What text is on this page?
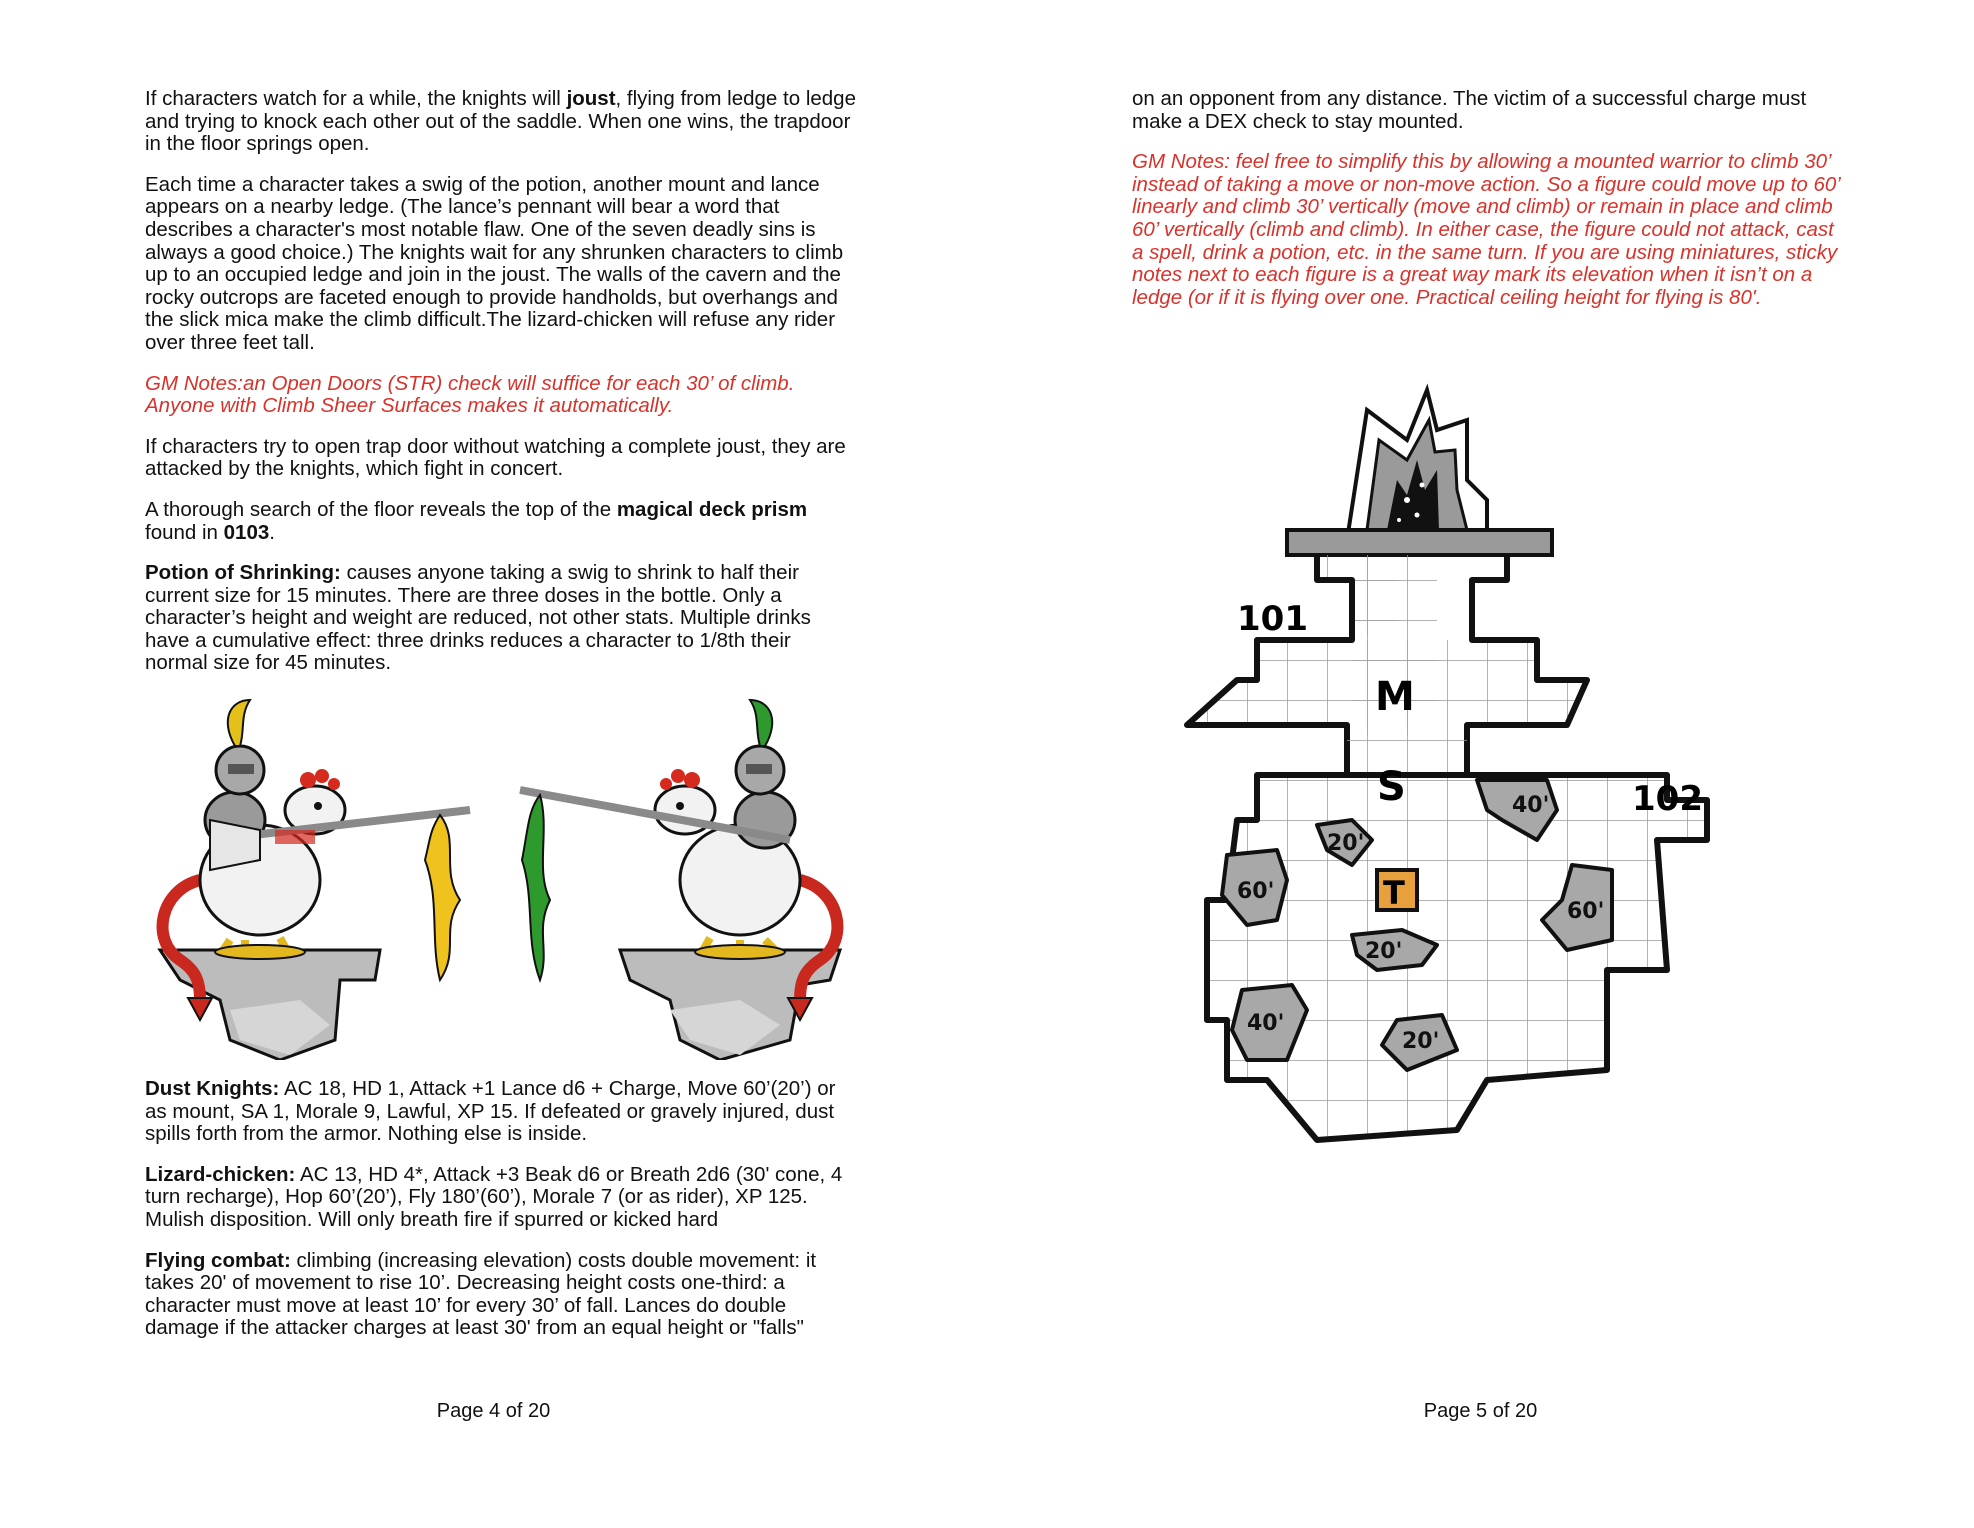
If characters watch for a while, the knights will joust, flying from ledge to ledge and trying to knock each other out of the saddle. When one wins, the trapdoor in the floor springs open.

Each time a character takes a swig of the potion, another mount and lance appears on a nearby ledge. (The lance’s pennant will bear a word that describes a character's most notable flaw. One of the seven deadly sins is always a good choice.) The knights wait for any shrunken characters to climb up to an occupied ledge and join in the joust. The walls of the cavern and the rocky outcrops are faceted enough to provide handholds, but overhangs and the slick mica make the climb difficult.The lizard-chicken will refuse any rider over three feet tall.

GM Notes:an Open Doors (STR) check will suffice for each 30’ of climb. Anyone with Climb Sheer Surfaces makes it automatically.

If characters try to open trap door without watching a complete joust, they are attacked by the knights, which fight in concert.

A thorough search of the floor reveals the top of the magical deck prism found in 0103.

Potion of Shrinking: causes anyone taking a swig to shrink to half their current size for 15 minutes. There are three doses in the bottle. Only a character’s height and weight are reduced, not other stats. Multiple drinks have a cumulative effect: three drinks reduces a character to 1/8th their normal size for 45 minutes.

Dust Knights: AC 18, HD 1, Attack +1 Lance d6 + Charge, Move 60’(20’) or as mount, SA 1, Morale 9, Lawful, XP 15. If defeated or gravely injured, dust spills forth from the armor. Nothing else is inside.

Lizard-chicken: AC 13, HD 4*, Attack +3 Beak d6 or Breath 2d6 (30' cone, 4 turn recharge), Hop 60’(20’), Fly 180’(60’), Morale 7 (or as rider), XP 125. Mulish disposition. Will only breath fire if spurred or kicked hard

Flying combat: climbing (increasing elevation) costs double movement: it takes 20' of movement to rise 10’. Decreasing height costs one-third: a character must move at least 10’ for every 30’ of fall. Lances do double damage if the attacker charges at least 30' from an equal height or "falls"

Page 4 of 20

on an opponent from any distance. The victim of a successful charge must make a DEX check to stay mounted.

GM Notes: feel free to simplify this by allowing a mounted warrior to climb 30’ instead of taking a move or non-move action. So a figure could move up to 60’ linearly and climb 30’ vertically (move and climb) or remain in place and climb 60’ vertically (climb and climb). In either case, the figure could not attack, cast a spell, drink a potion, etc. in the same turn. If you are using miniatures, sticky notes next to each figure is a great way mark its elevation when it isn’t on a ledge (or if it is flying over one. Practical ceiling height for flying is 80'.

101
M
S	102
T
40'
20'
60'
60'
20'
40'
20'
Page 5 of 20
